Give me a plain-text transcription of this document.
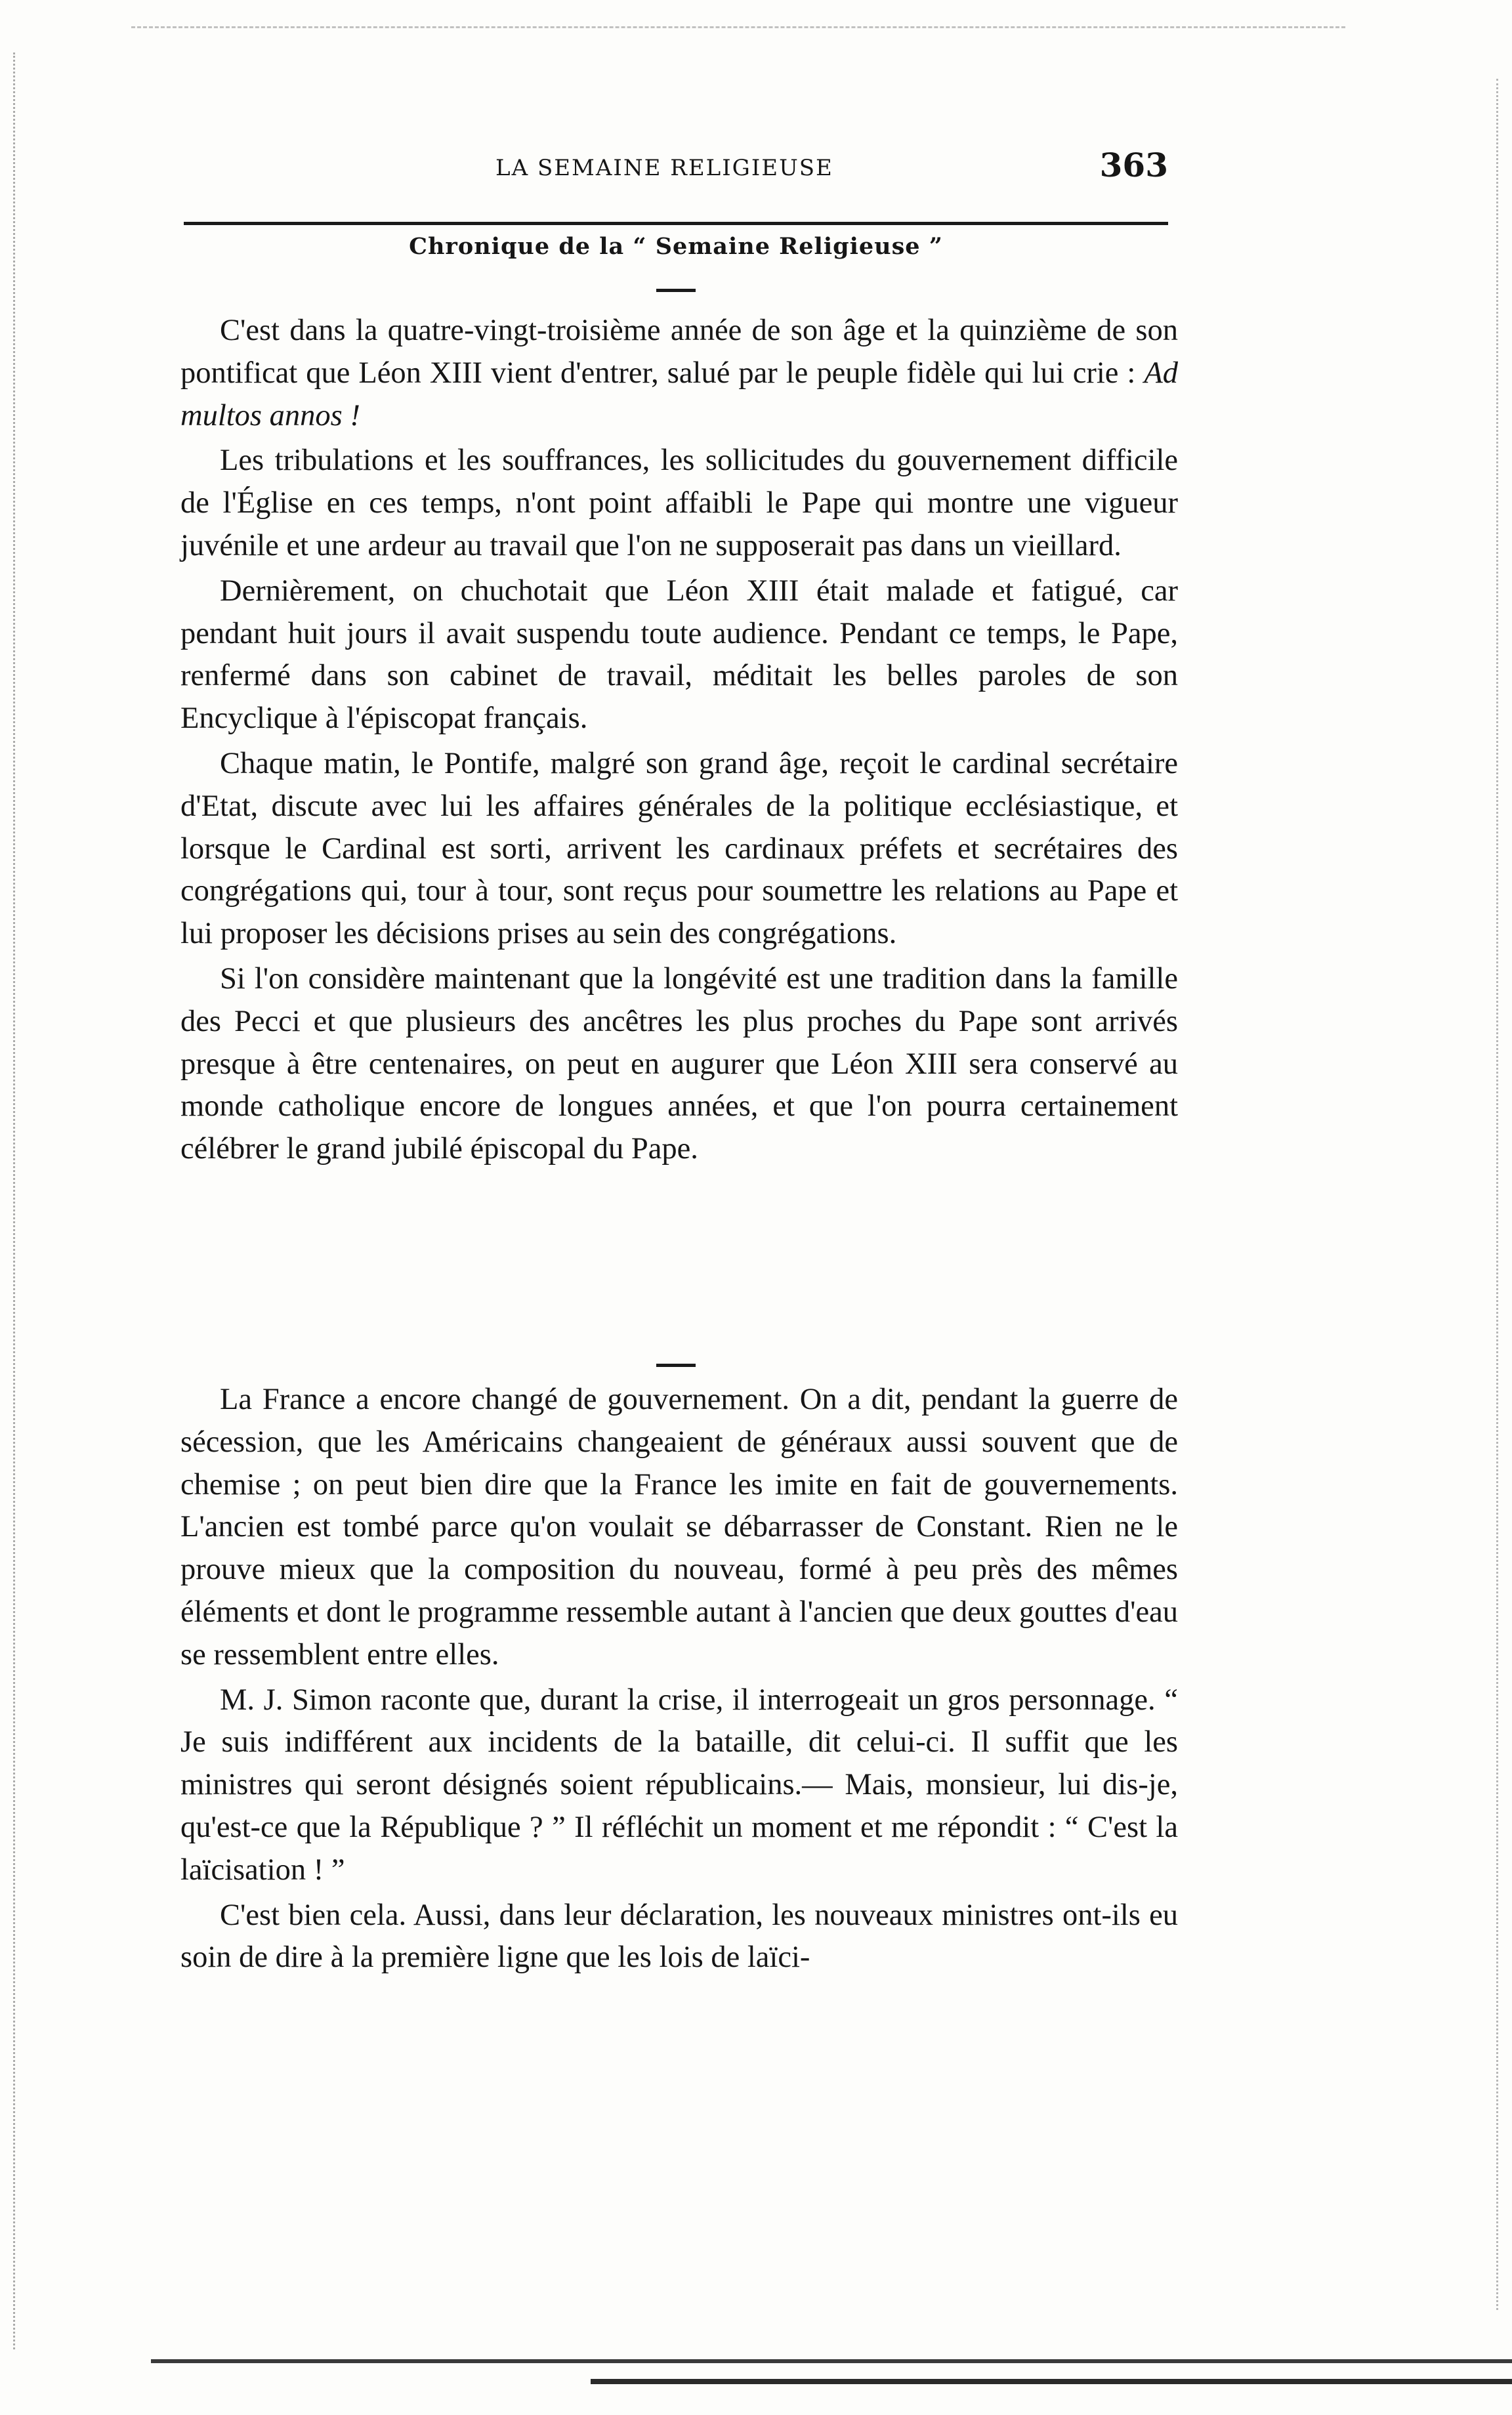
LA SEMAINE RELIGIEUSE	363
Chronique de la “ Semaine Religieuse ”

C'est dans la quatre-vingt-troisième année de son âge et la quinzième de son pontificat que Léon XIII vient d'entrer, salué par le peuple fidèle qui lui crie : Ad multos annos !

Les tribulations et les souffrances, les sollicitudes du gouvernement difficile de l'Église en ces temps, n'ont point affaibli le Pape qui montre une vigueur juvénile et une ardeur au travail que l'on ne supposerait pas dans un vieillard.

Dernièrement, on chuchotait que Léon XIII était malade et fatigué, car pendant huit jours il avait suspendu toute audience. Pendant ce temps, le Pape, renfermé dans son cabinet de travail, méditait les belles paroles de son Encyclique à l'épiscopat français.

Chaque matin, le Pontife, malgré son grand âge, reçoit le cardinal secrétaire d'Etat, discute avec lui les affaires générales de la politique ecclésiastique, et lorsque le Cardinal est sorti, arrivent les cardinaux préfets et secrétaires des congrégations qui, tour à tour, sont reçus pour soumettre les relations au Pape et lui proposer les décisions prises au sein des congrégations.

Si l'on considère maintenant que la longévité est une tradition dans la famille des Pecci et que plusieurs des ancêtres les plus proches du Pape sont arrivés presque à être centenaires, on peut en augurer que Léon XIII sera conservé au monde catholique encore de longues années, et que l'on pourra certainement célébrer le grand jubilé épiscopal du Pape.

La France a encore changé de gouvernement. On a dit, pendant la guerre de sécession, que les Américains changeaient de généraux aussi souvent que de chemise ; on peut bien dire que la France les imite en fait de gouvernements. L'ancien est tombé parce qu'on voulait se débarrasser de Constant. Rien ne le prouve mieux que la composition du nouveau, formé à peu près des mêmes éléments et dont le programme ressemble autant à l'ancien que deux gouttes d'eau se ressemblent entre elles.

M. J. Simon raconte que, durant la crise, il interrogeait un gros personnage. “ Je suis indifférent aux incidents de la bataille, dit celui-ci. Il suffit que les ministres qui seront désignés soient républicains.— Mais, monsieur, lui dis-je, qu'est-ce que la République ? ” Il réfléchit un moment et me répondit : “ C'est la laïcisation ! ”

C'est bien cela. Aussi, dans leur déclaration, les nouveaux ministres ont-ils eu soin de dire à la première ligne que les lois de laïci-
